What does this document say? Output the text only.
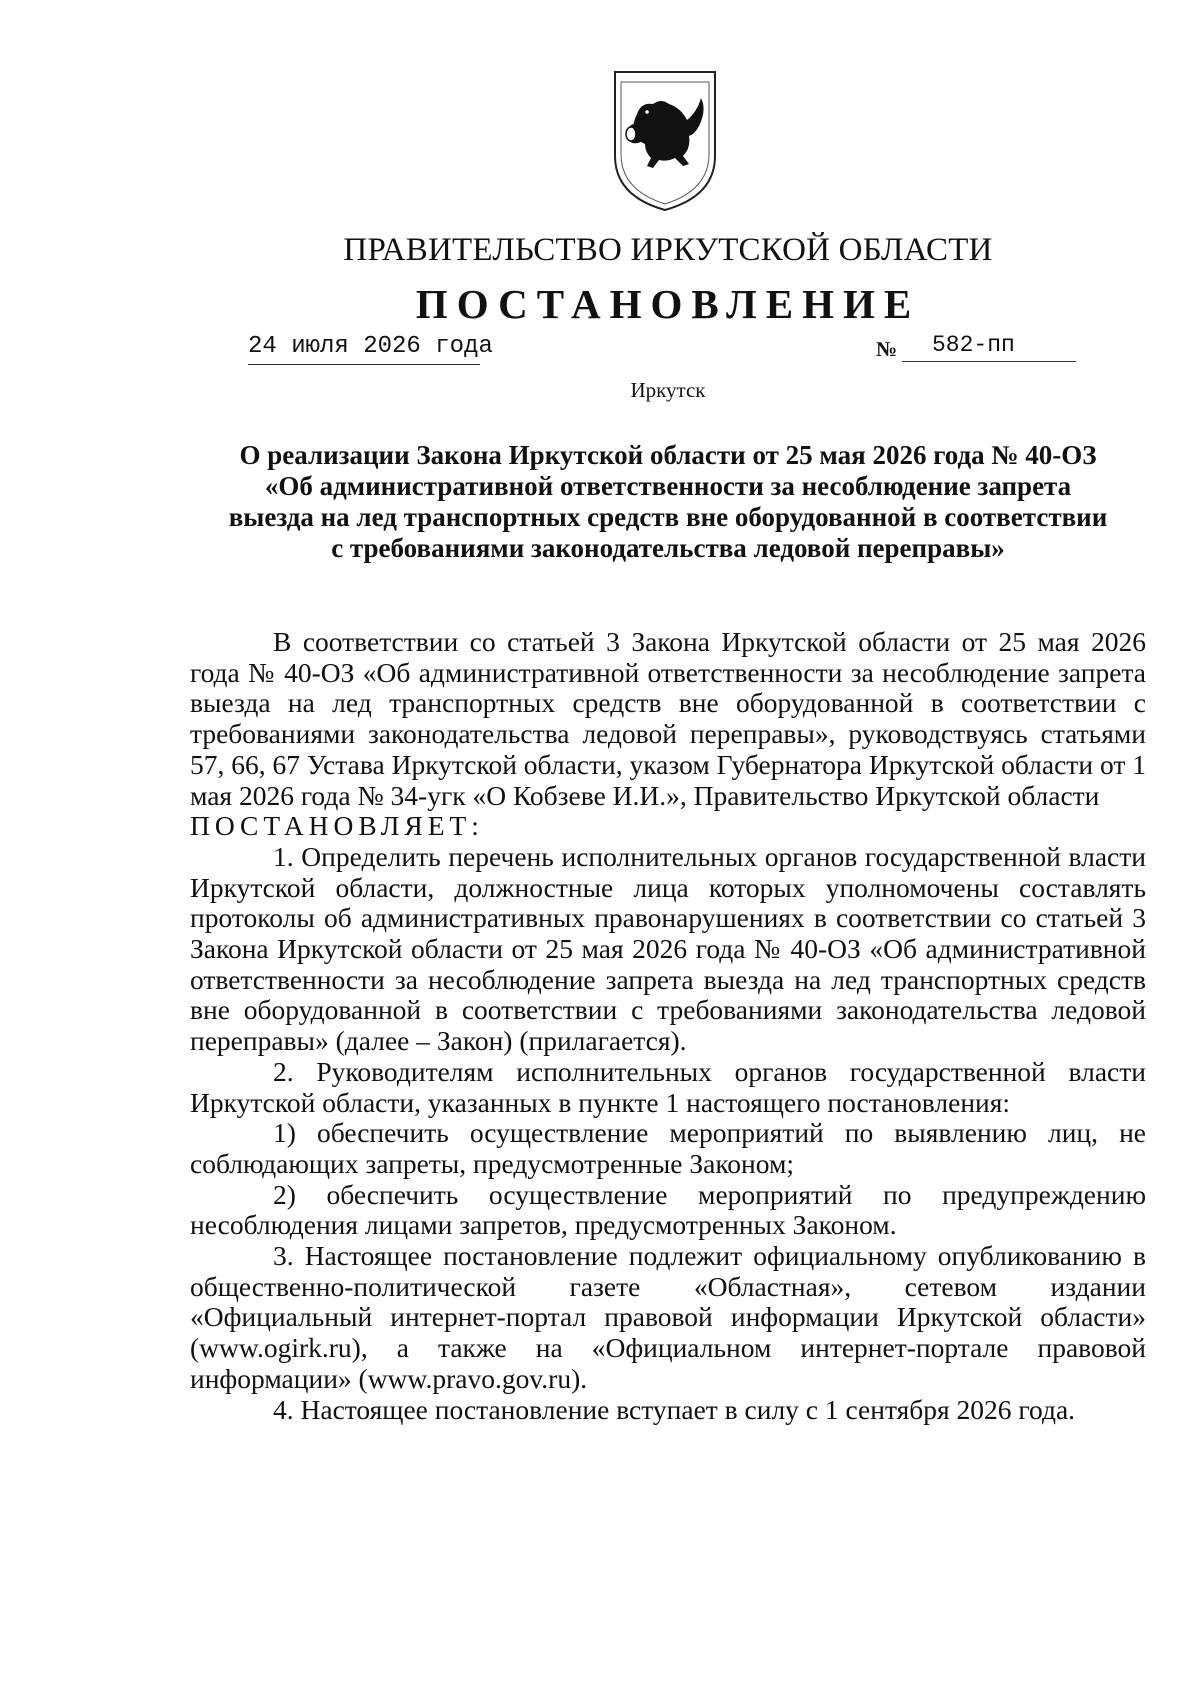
ПРАВИТЕЛЬСТВО ИРКУТСКОЙ ОБЛАСТИ
ПОСТАНОВЛЕНИЕ
24 июля 2026 года	№	582-пп
Иркутск
О реализации Закона Иркутской области от 25 мая 2026 года № 40-ОЗ
«Об административной ответственности за несоблюдение запрета
выезда на лед транспортных средств вне оборудованной в соответствии
с требованиями законодательства ледовой переправы»

В соответствии со статьей 3 Закона Иркутской области от 25 мая 2026 года № 40-ОЗ «Об административной ответственности за несоблюдение запрета выезда на лед транспортных средств вне оборудованной в соответствии с требованиями законодательства ледовой переправы», руководствуясь статьями 57, 66, 67 Устава Иркутской области, указом Губернатора Иркутской области от 1 мая 2026 года № 34-угк «О Кобзеве И.И.», Правительство Иркутской области

ПОСТАНОВЛЯЕТ:

1. Определить перечень исполнительных органов государственной власти Иркутской области, должностные лица которых уполномочены составлять протоколы об административных правонарушениях в соответствии со статьей 3 Закона Иркутской области от 25 мая 2026 года № 40-ОЗ «Об административной ответственности за несоблюдение запрета выезда на лед транспортных средств вне оборудованной в соответствии с требованиями законодательства ледовой переправы» (далее – Закон) (прилагается).

2. Руководителям исполнительных органов государственной власти Иркутской области, указанных в пункте 1 настоящего постановления:

1) обеспечить осуществление мероприятий по выявлению лиц, не соблюдающих запреты, предусмотренные Законом;

2) обеспечить осуществление мероприятий по предупреждению несоблюдения лицами запретов, предусмотренных Законом.

3. Настоящее постановление подлежит официальному опубликованию в общественно-политической газете «Областная», сетевом издании «Официальный интернет-портал правовой информации Иркутской области» (www.ogirk.ru), а также на «Официальном интернет-портале правовой информации» (www.pravo.gov.ru).

4. Настоящее постановление вступает в силу с 1 сентября 2026 года.
